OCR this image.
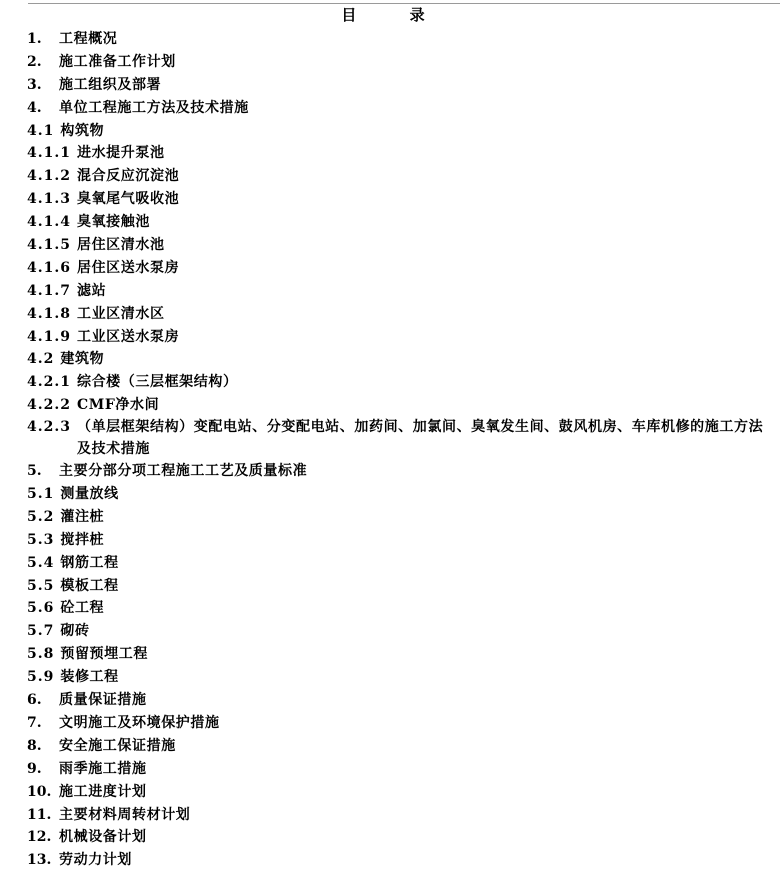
目 录
1.	工程概况
2.	施工准备工作计划
3.	施工组织及部署
4.	单位工程施工方法及技术措施
4.1 构筑物
4.1.1 进水提升泵池
4.1.2 混合反应沉淀池
4.1.3 臭氧尾气吸收池
4.1.4 臭氧接触池
4.1.5 居住区清水池
4.1.6 居住区送水泵房
4.1.7 滤站
4.1.8 工业区清水区
4.1.9 工业区送水泵房
4.2 建筑物
4.2.1 综合楼（三层框架结构）
4.2.2 CMF净水间
4.2.3 （单层框架结构）变配电站、分变配电站、加药间、加氯间、臭氧发生间、鼓风机房、车库机修的施工方法及技术措施
5.	主要分部分项工程施工工艺及质量标准
5.1 测量放线
5.2 灌注桩
5.3 搅拌桩
5.4 钢筋工程
5.5 模板工程
5.6 砼工程
5.7 砌砖
5.8 预留预埋工程
5.9 装修工程
6.	质量保证措施
7.	文明施工及环境保护措施
8.	安全施工保证措施
9.	雨季施工措施
10. 施工进度计划
11. 主要材料周转材计划
12. 机械设备计划
13. 劳动力计划
